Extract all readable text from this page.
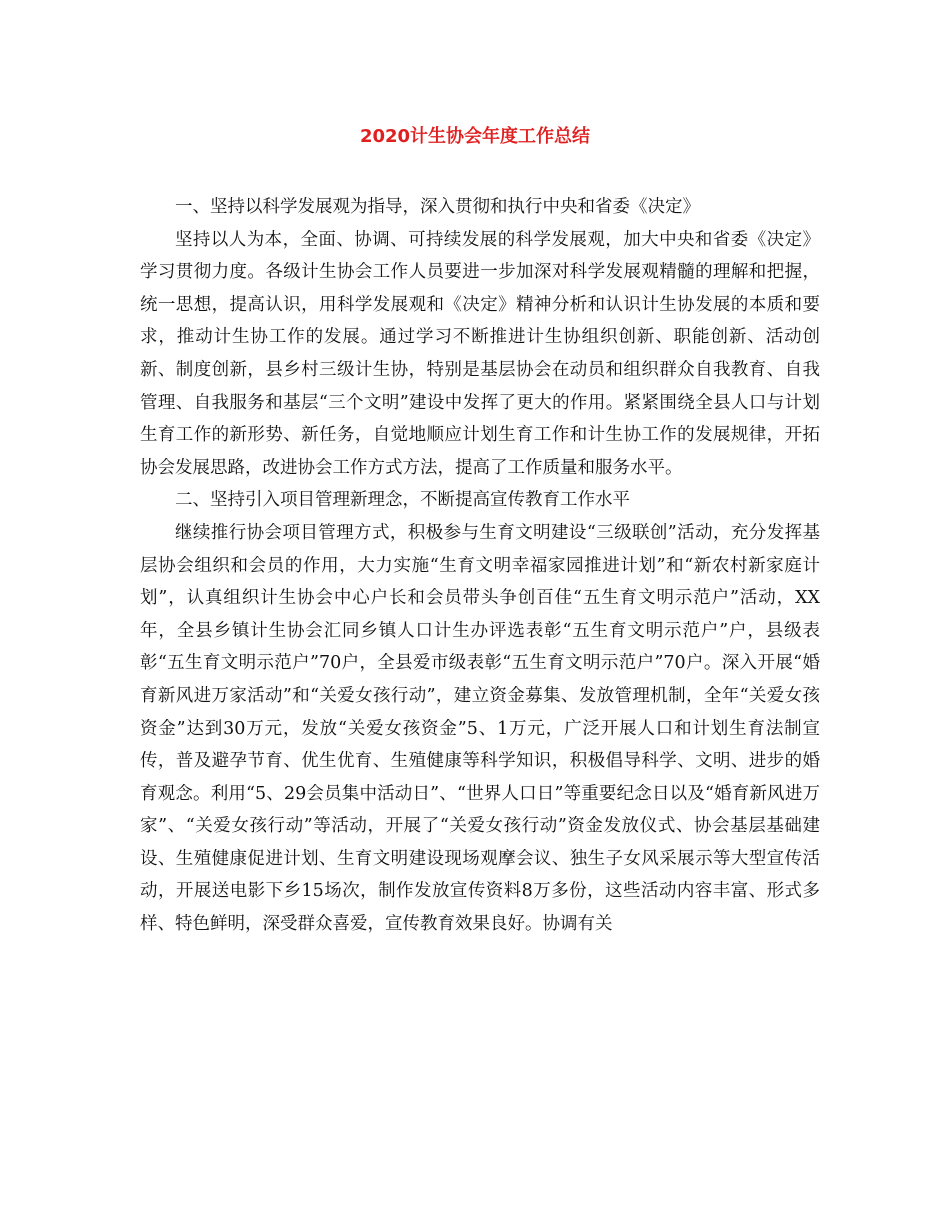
2020计生协会年度工作总结

一、坚持以科学发展观为指导，深入贯彻和执行中央和省委《决定》

坚持以人为本，全面、协调、可持续发展的科学发展观，加大中央和省委《决定》学习贯彻力度。各级计生协会工作人员要进一步加深对科学发展观精髓的理解和把握，统一思想，提高认识，用科学发展观和《决定》精神分析和认识计生协发展的本质和要求，推动计生协工作的发展。通过学习不断推进计生协组织创新、职能创新、活动创新、制度创新，县乡村三级计生协，特别是基层协会在动员和组织群众自我教育、自我管理、自我服务和基层“三个文明”建设中发挥了更大的作用。紧紧围绕全县人口与计划生育工作的新形势、新任务，自觉地顺应计划生育工作和计生协工作的发展规律，开拓协会发展思路，改进协会工作方式方法，提高了工作质量和服务水平。

二、坚持引入项目管理新理念，不断提高宣传教育工作水平

继续推行协会项目管理方式，积极参与生育文明建设“三级联创”活动，充分发挥基层协会组织和会员的作用，大力实施“生育文明幸福家园推进计划”和“新农村新家庭计划”，认真组织计生协会中心户长和会员带头争创百佳“五生育文明示范户”活动，XX年，全县乡镇计生协会汇同乡镇人口计生办评选表彰“五生育文明示范户”户，县级表彰“五生育文明示范户”70户，全县爱市级表彰“五生育文明示范户”70户。深入开展“婚育新风进万家活动”和“关爱女孩行动”，建立资金募集、发放管理机制，全年“关爱女孩资金”达到30万元，发放“关爱女孩资金”5、1万元，广泛开展人口和计划生育法制宣传，普及避孕节育、优生优育、生殖健康等科学知识，积极倡导科学、文明、进步的婚育观念。利用“5、29会员集中活动日”、“世界人口日”等重要纪念日以及“婚育新风进万家”、“关爱女孩行动”等活动，开展了“关爱女孩行动”资金发放仪式、协会基层基础建设、生殖健康促进计划、生育文明建设现场观摩会议、独生子女风采展示等大型宣传活动，开展送电影下乡15场次，制作发放宣传资料8万多份，这些活动内容丰富、形式多样、特色鲜明，深受群众喜爱，宣传教育效果良好。协调有关
